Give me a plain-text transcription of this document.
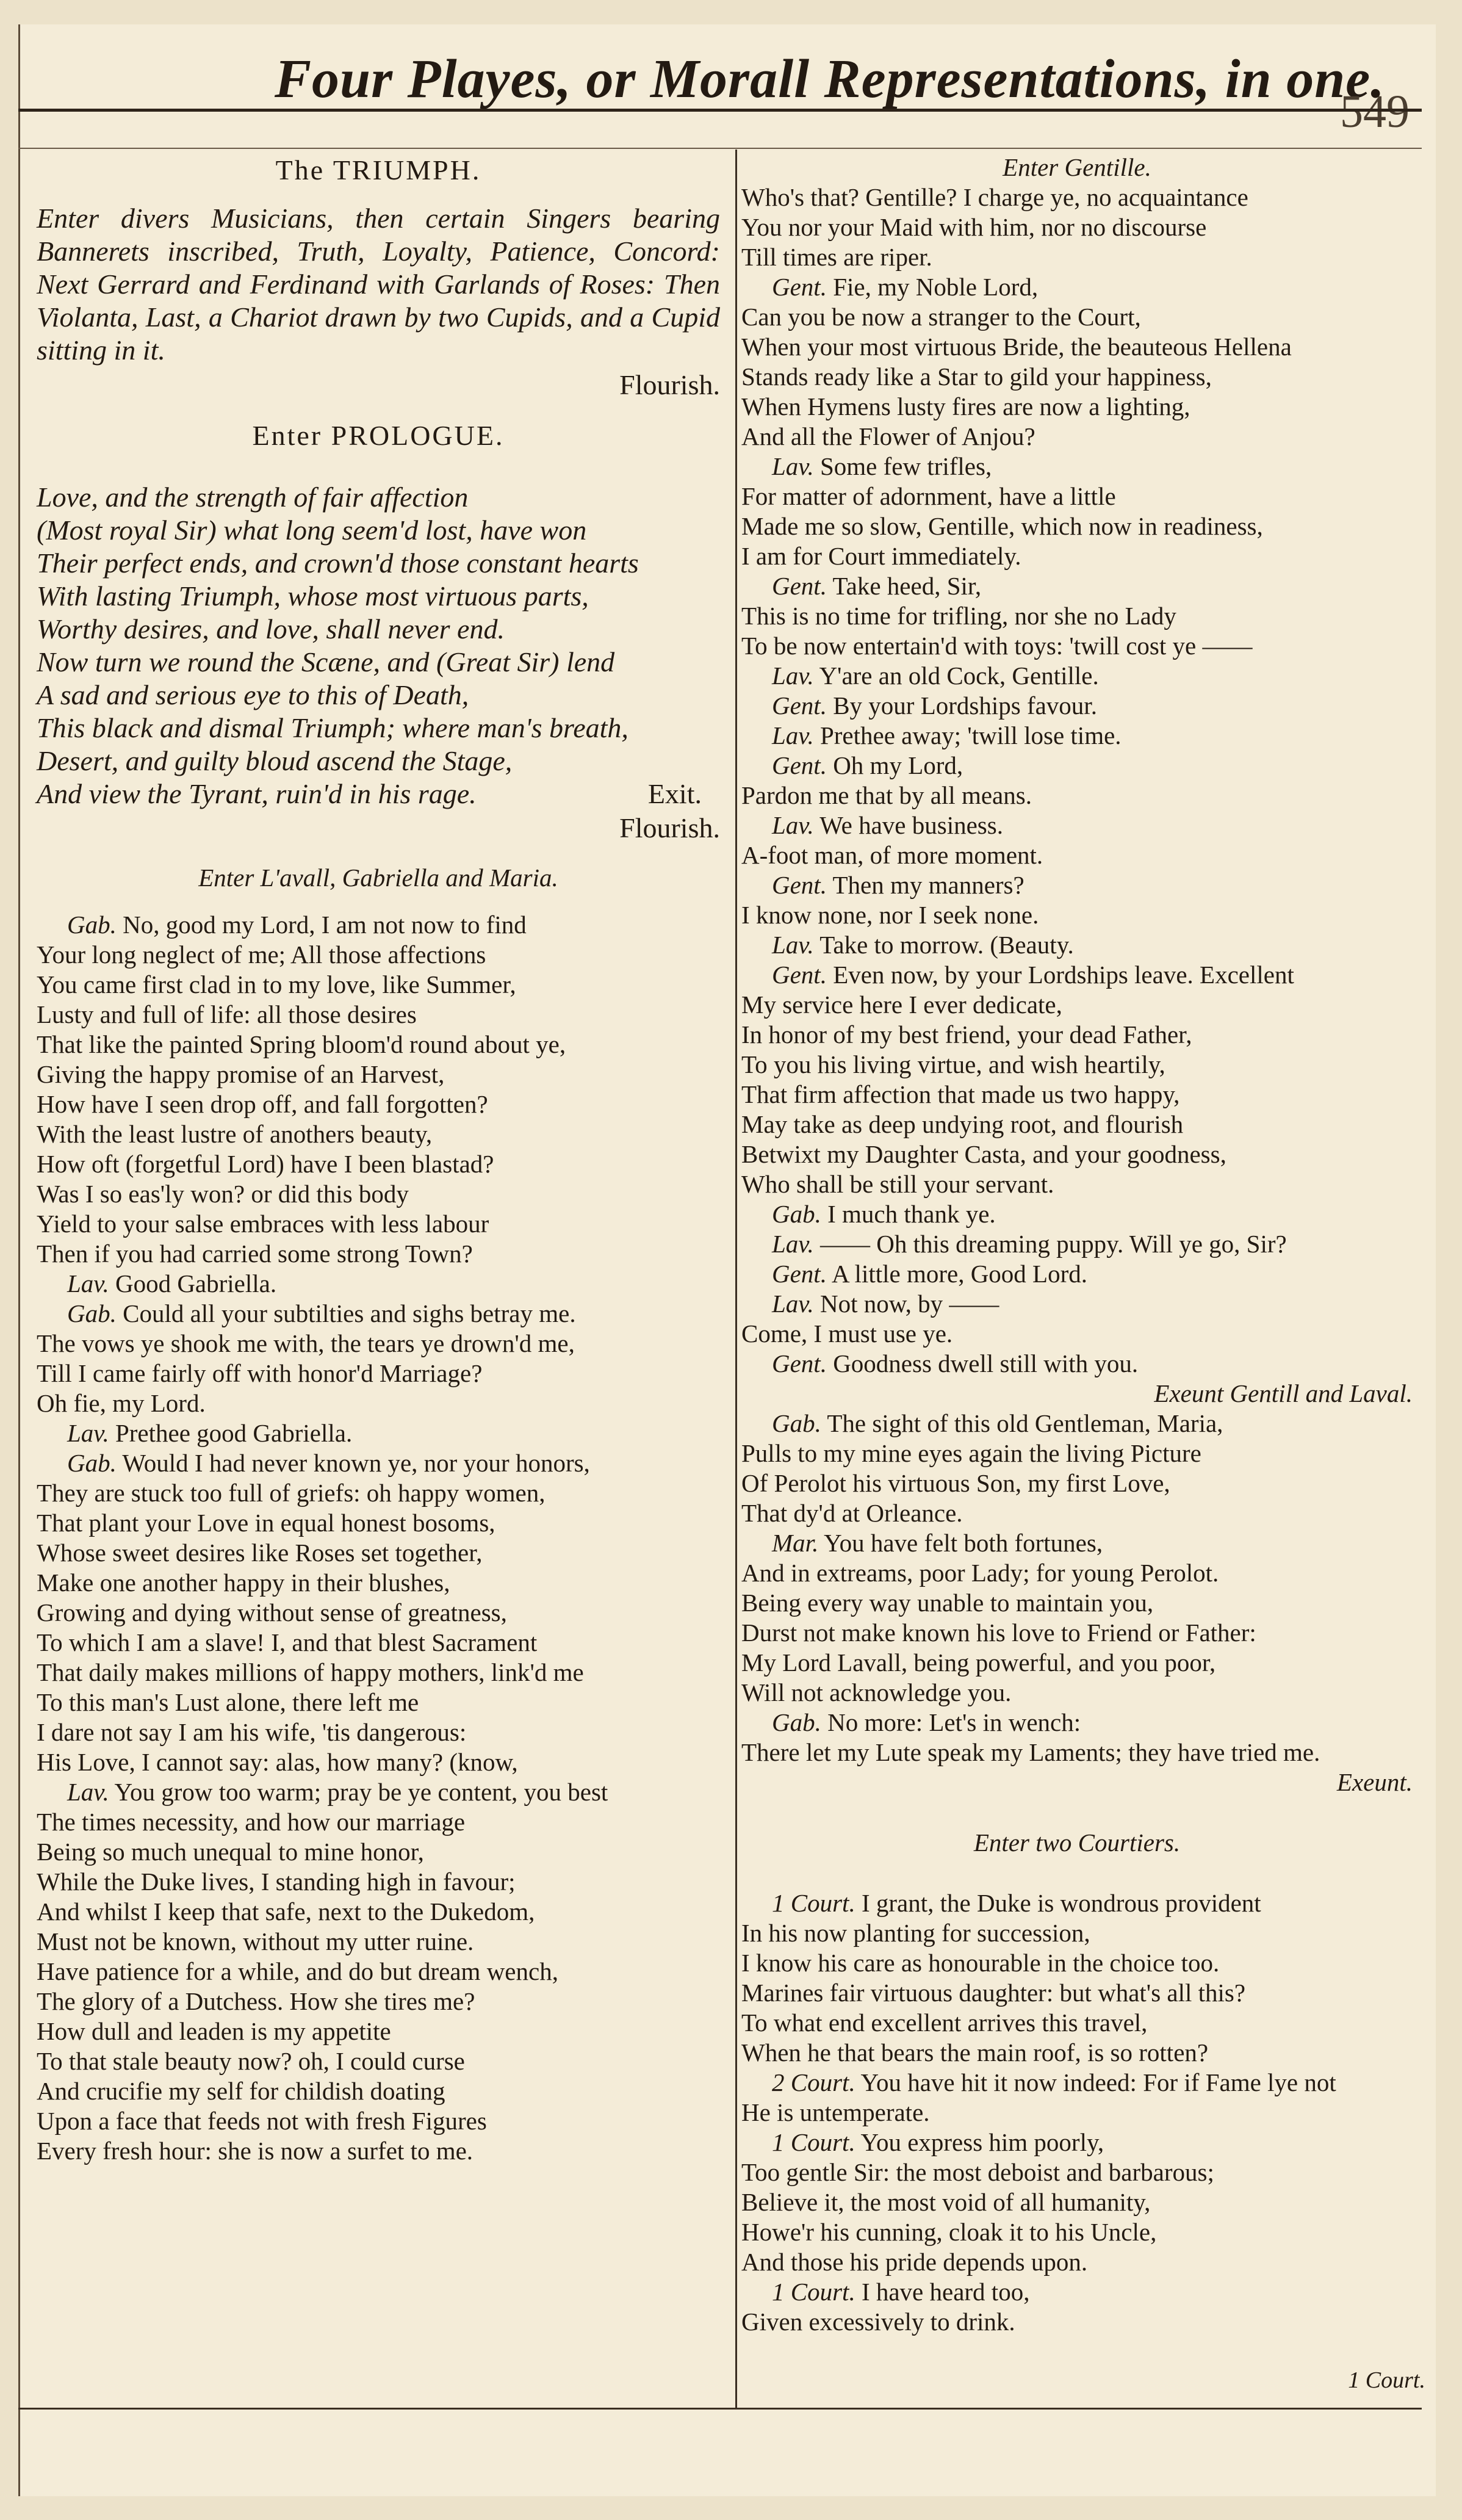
Four Playes, or Morall Representations, in one.
549
The TRIUMPH.
Enter divers Musicians, then certain Singers bearing Bannerets inscribed, Truth, Loyalty, Patience, Concord: Next Gerrard and Ferdinand with Garlands of Roses: Then Violanta, Last, a Chariot drawn by two Cupids, and a Cupid sitting in it.
Flourish.
Enter PROLOGUE.
Love, and the strength of fair affection
(Most royal Sir) what long seem'd lost, have won
Their perfect ends, and crown'd those constant hearts
With lasting Triumph, whose most virtuous parts,
Worthy desires, and love, shall never end.
Now turn we round the Scæne, and (Great Sir) lend
A sad and serious eye to this of Death,
This black and dismal Triumph; where man's breath,
Desert, and guilty bloud ascend the Stage,
And view the Tyrant, ruin'd in his rage.	Exit.
Flourish.
Enter L'avall, Gabriella and Maria.
Gab. No, good my Lord, I am not now to find
Your long neglect of me; All those affections
You came first clad in to my love, like Summer,
Lusty and full of life: all those desires
That like the painted Spring bloom'd round about ye,
Giving the happy promise of an Harvest,
How have I seen drop off, and fall forgotten?
With the least lustre of anothers beauty,
How oft (forgetful Lord) have I been blastad?
Was I so eas'ly won? or did this body
Yield to your salse embraces with less labour
Then if you had carried some strong Town?
Lav. Good Gabriella.
Gab. Could all your subtilties and sighs betray me.
The vows ye shook me with, the tears ye drown'd me,
Till I came fairly off with honor'd Marriage?
Oh fie, my Lord.
Lav. Prethee good Gabriella.
Gab. Would I had never known ye, nor your honors,
They are stuck too full of griefs: oh happy women,
That plant your Love in equal honest bosoms,
Whose sweet desires like Roses set together,
Make one another happy in their blushes,
Growing and dying without sense of greatness,
To which I am a slave! I, and that blest Sacrament
That daily makes millions of happy mothers, link'd me
To this man's Lust alone, there left me
I dare not say I am his wife, 'tis dangerous:
His Love, I cannot say: alas, how many? (know,
Lav. You grow too warm; pray be ye content, you best
The times necessity, and how our marriage
Being so much unequal to mine honor,
While the Duke lives, I standing high in favour;
And whilst I keep that safe, next to the Dukedom,
Must not be known, without my utter ruine.
Have patience for a while, and do but dream wench,
The glory of a Dutchess. How she tires me?
How dull and leaden is my appetite
To that stale beauty now? oh, I could curse
And crucifie my self for childish doating
Upon a face that feeds not with fresh Figures
Every fresh hour: she is now a surfet to me.
Enter Gentille.
Who's that? Gentille? I charge ye, no acquaintance
You nor your Maid with him, nor no discourse
Till times are riper.
Gent. Fie, my Noble Lord,
Can you be now a stranger to the Court,
When your most virtuous Bride, the beauteous Hellena
Stands ready like a Star to gild your happiness,
When Hymens lusty fires are now a lighting,
And all the Flower of Anjou?
Lav. Some few trifles,
For matter of adornment, have a little
Made me so slow, Gentille, which now in readiness,
I am for Court immediately.
Gent. Take heed, Sir,
This is no time for trifling, nor she no Lady
To be now entertain'd with toys: 'twill cost ye ——
Lav. Y'are an old Cock, Gentille.
Gent. By your Lordships favour.
Lav. Prethee away; 'twill lose time.
Gent. Oh my Lord,
Pardon me that by all means.
Lav. We have business.
A-foot man, of more moment.
Gent. Then my manners?
I know none, nor I seek none.
Lav. Take to morrow. (Beauty.
Gent. Even now, by your Lordships leave. Excellent
My service here I ever dedicate,
In honor of my best friend, your dead Father,
To you his living virtue, and wish heartily,
That firm affection that made us two happy,
May take as deep undying root, and flourish
Betwixt my Daughter Casta, and your goodness,
Who shall be still your servant.
Gab. I much thank ye.
Lav. —— Oh this dreaming puppy. Will ye go, Sir?
Gent. A little more, Good Lord.
Lav. Not now, by ——
Come, I must use ye.
Gent. Goodness dwell still with you.
Exeunt Gentill and Laval.
Gab. The sight of this old Gentleman, Maria,
Pulls to my mine eyes again the living Picture
Of Perolot his virtuous Son, my first Love,
That dy'd at Orleance.
Mar. You have felt both fortunes,
And in extreams, poor Lady; for young Perolot.
Being every way unable to maintain you,
Durst not make known his love to Friend or Father:
My Lord Lavall, being powerful, and you poor,
Will not acknowledge you.
Gab. No more: Let's in wench:
There let my Lute speak my Laments; they have tried me.
Exeunt.
Enter two Courtiers.
1 Court. I grant, the Duke is wondrous provident
In his now planting for succession,
I know his care as honourable in the choice too.
Marines fair virtuous daughter: but what's all this?
To what end excellent arrives this travel,
When he that bears the main roof, is so rotten?
2 Court. You have hit it now indeed: For if Fame lye not
He is untemperate.
1 Court. You express him poorly,
Too gentle Sir: the most deboist and barbarous;
Believe it, the most void of all humanity,
Howe'r his cunning, cloak it to his Uncle,
And those his pride depends upon.
1 Court. I have heard too,
Given excessively to drink.
1 Court.
